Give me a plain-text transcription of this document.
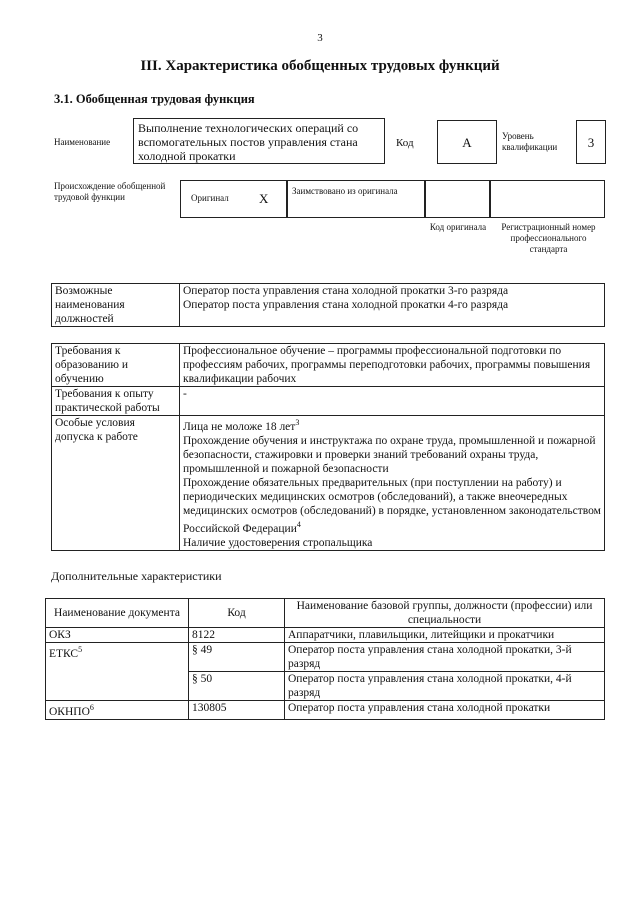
3
III. Характеристика обобщенных трудовых функций
3.1. Обобщенная трудовая функция
Наименование
Выполнение технологических операций со вспомогательных постов управления стана холодной прокатки
Код	А	Уровень квалификации	3
Происхождение обобщенной трудовой функции	Оригинал X	Заимствовано из оригинала
Код оригинала	Регистрационный номер профессионального стандарта
Возможные наименования должностей	
Оператор поста управления стана холодной прокатки 3-го разряда
Оператор поста управления стана холодной прокатки 4-го разряда
Требования к образованию и обучению	Профессиональное обучение – программы профессиональной подготовки по профессиям рабочих, программы переподготовки рабочих, программы повышения квалификации рабочих
Требования к опыту практической работы	-
Особые условия допуска к работе	Лица не моложе 18 лет$^3$
Прохождение обучения и инструктажа по охране труда, промышленной и пожарной безопасности, стажировки и проверки знаний требований охраны труда, промышленной и пожарной безопасности
Прохождение обязательных предварительных (при поступлении на работу) и периодических медицинских осмотров (обследований), а также внеочередных медицинских осмотров (обследований) в порядке, установленном законодательством Российской Федерации$^4$
Наличие удостоверения стропальщика
Дополнительные характеристики
Наименование документа	Код	Наименование базовой группы, должности (профессии) или специальности
ОКЗ	8122	Аппаратчики, плавильщики, литейщики и прокатчики
ЕТКС$^5$	§ 49	Оператор поста управления стана холодной прокатки, 3-й разряд
	§ 50	Оператор поста управления стана холодной прокатки, 4-й разряд
ОКНПО$^6$	130805	Оператор поста управления стана холодной прокатки
